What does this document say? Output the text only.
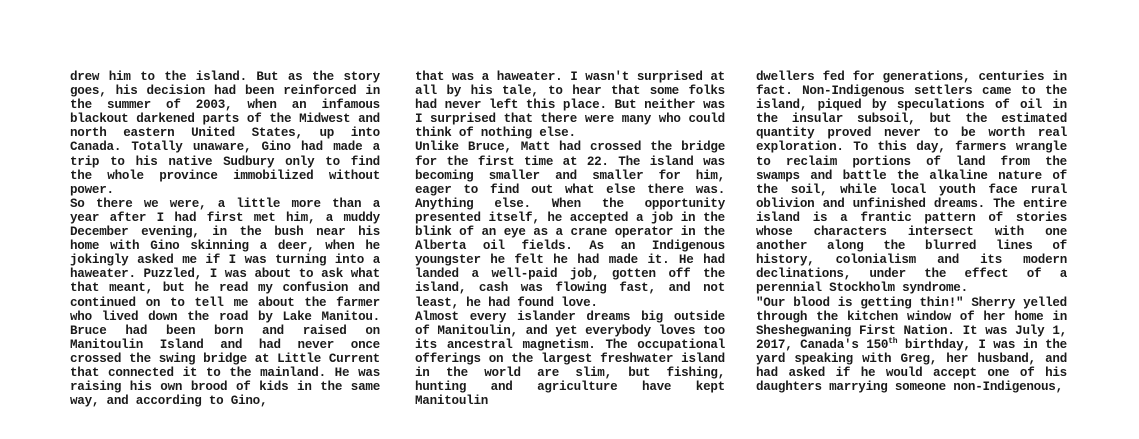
drew him to the island. But as the story goes, his decision had been reinforced in the summer of 2003, when an infamous blackout darkened parts of the Midwest and north eastern United States, up into Canada. Totally unaware, Gino had made a trip to his native Sudbury only to find the whole province immobilized without power.

So there we were, a little more than a year after I had first met him, a muddy December evening, in the bush near his home with Gino skinning a deer, when he jokingly asked me if I was turning into a haweater. Puzzled, I was about to ask what that meant, but he read my confusion and continued on to tell me about the farmer who lived down the road by Lake Manitou. Bruce had been born and raised on Manitoulin Island and had never once crossed the swing bridge at Little Current that connected it to the mainland. He was raising his own brood of kids in the same way, and according to Gino,

that was a haweater. I wasn't surprised at all by his tale, to hear that some folks had never left this place. But neither was I surprised that there were many who could think of nothing else.

Unlike Bruce, Matt had crossed the bridge for the first time at 22. The island was becoming smaller and smaller for him, eager to find out what else there was. Anything else. When the opportunity presented itself, he accepted a job in the blink of an eye as a crane operator in the Alberta oil fields. As an Indigenous youngster he felt he had made it. He had landed a well-paid job, gotten off the island, cash was flowing fast, and not least, he had found love.

Almost every islander dreams big outside of Manitoulin, and yet everybody loves too its ancestral magnetism. The occupational offerings on the largest freshwater island in the world are slim, but fishing, hunting and agriculture have kept Manitoulin

dwellers fed for generations, centuries in fact. Non-Indigenous settlers came to the island, piqued by speculations of oil in the insular subsoil, but the estimated quantity proved never to be worth real exploration. To this day, farmers wrangle to reclaim portions of land from the swamps and battle the alkaline nature of the soil, while local youth face rural oblivion and unfinished dreams. The entire island is a frantic pattern of stories whose characters intersect with one another along the blurred lines of history, colonialism and its modern declinations, under the effect of a perennial Stockholm syndrome.

"Our blood is getting thin!" Sherry yelled through the kitchen window of her home in Sheshegwaning First Nation. It was July 1, 2017, Canada's 150th birthday, I was in the yard speaking with Greg, her husband, and had asked if he would accept one of his daughters marrying someone non-Indigenous,
